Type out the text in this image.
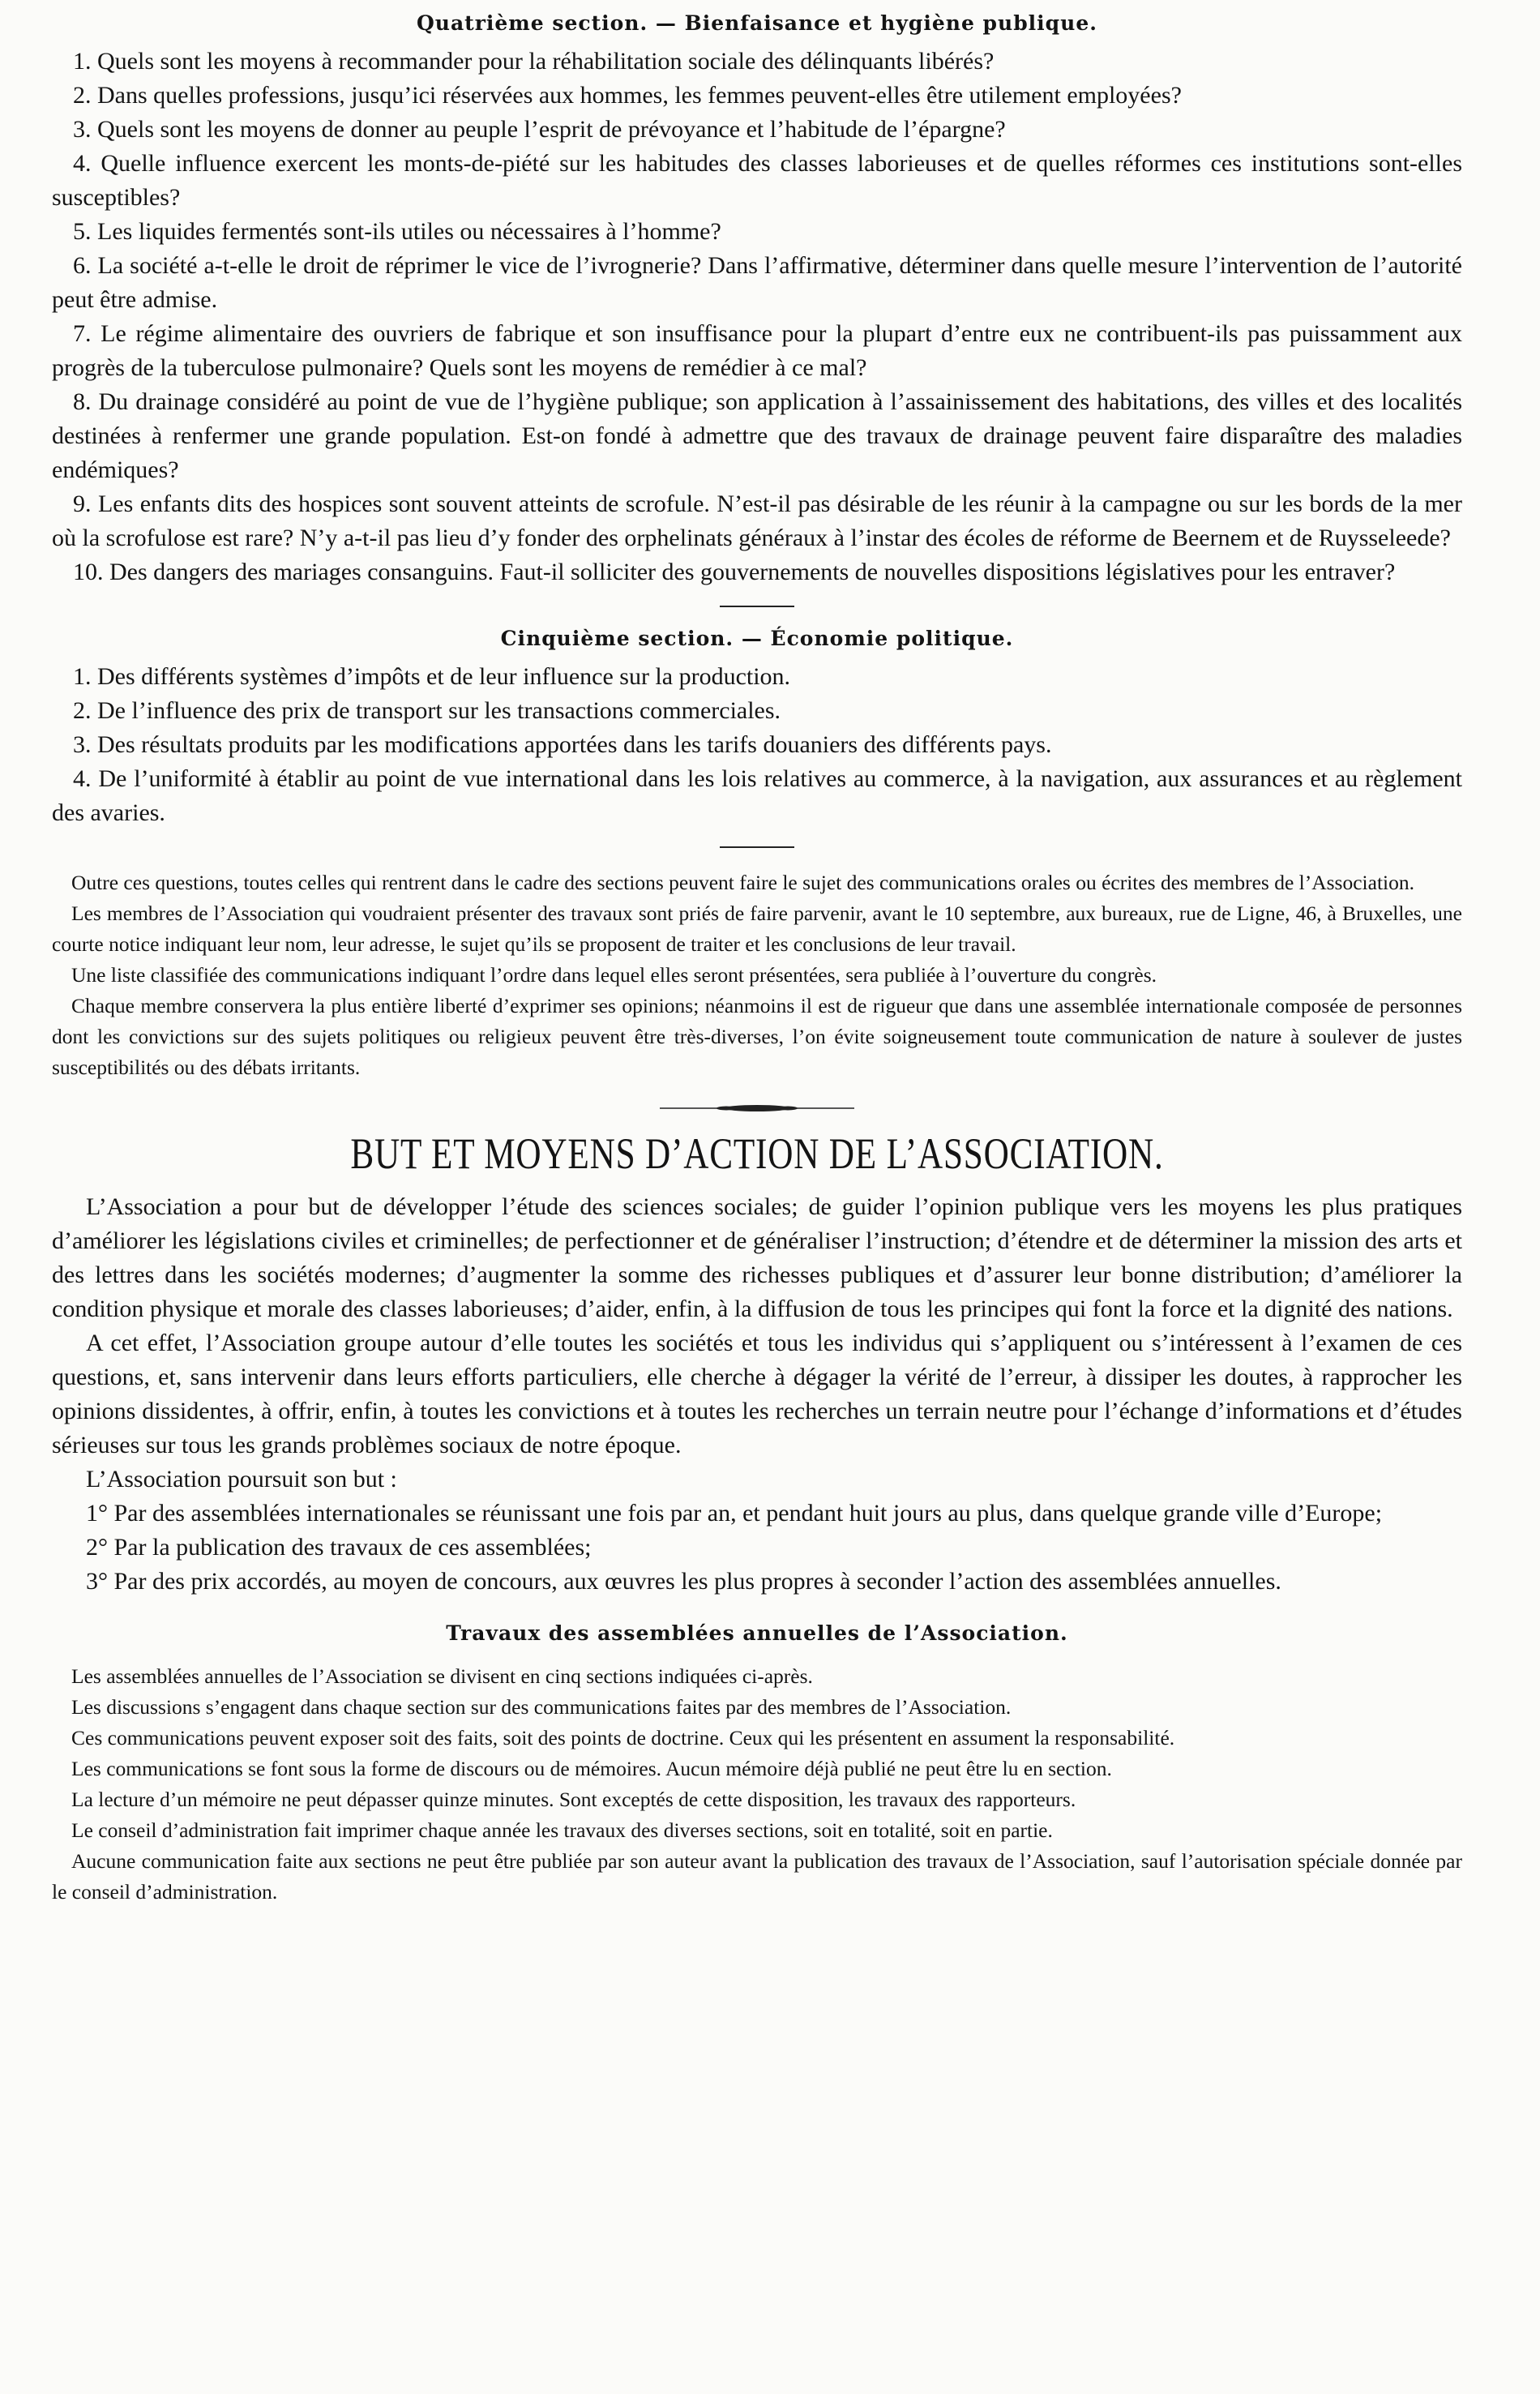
Quatrième section. — Bienfaisance et hygiène publique.

1. Quels sont les moyens à recommander pour la réhabilitation sociale des délinquants libérés?

2. Dans quelles professions, jusqu’ici réservées aux hommes, les femmes peuvent-elles être utilement employées?

3. Quels sont les moyens de donner au peuple l’esprit de prévoyance et l’habitude de l’épargne?

4. Quelle influence exercent les monts-de-piété sur les habitudes des classes laborieuses et de quelles réformes ces institutions sont-elles susceptibles?

5. Les liquides fermentés sont-ils utiles ou nécessaires à l’homme?

6. La société a-t-elle le droit de réprimer le vice de l’ivrognerie? Dans l’affirmative, déterminer dans quelle mesure l’intervention de l’autorité peut être admise.

7. Le régime alimentaire des ouvriers de fabrique et son insuffisance pour la plupart d’entre eux ne contribuent-ils pas puissamment aux progrès de la tuberculose pulmonaire? Quels sont les moyens de remédier à ce mal?

8. Du drainage considéré au point de vue de l’hygiène publique; son application à l’assainissement des habitations, des villes et des localités destinées à renfermer une grande population. Est-on fondé à admettre que des travaux de drainage peuvent faire disparaître des maladies endémiques?

9. Les enfants dits des hospices sont souvent atteints de scrofule. N’est-il pas désirable de les réunir à la campagne ou sur les bords de la mer où la scrofulose est rare? N’y a-t-il pas lieu d’y fonder des orphelinats généraux à l’instar des écoles de réforme de Beernem et de Ruysseleede?

10. Des dangers des mariages consanguins. Faut-il solliciter des gouvernements de nouvelles dispositions législatives pour les entraver?

Cinquième section. — Économie politique.

1. Des différents systèmes d’impôts et de leur influence sur la production.

2. De l’influence des prix de transport sur les transactions commerciales.

3. Des résultats produits par les modifications apportées dans les tarifs douaniers des différents pays.

4. De l’uniformité à établir au point de vue international dans les lois relatives au commerce, à la navigation, aux assurances et au règlement des avaries.

Outre ces questions, toutes celles qui rentrent dans le cadre des sections peuvent faire le sujet des communications orales ou écrites des membres de l’Association.

Les membres de l’Association qui voudraient présenter des travaux sont priés de faire parvenir, avant le 10 septembre, aux bureaux, rue de Ligne, 46, à Bruxelles, une courte notice indiquant leur nom, leur adresse, le sujet qu’ils se proposent de traiter et les conclusions de leur travail.

Une liste classifiée des communications indiquant l’ordre dans lequel elles seront présentées, sera publiée à l’ouverture du congrès.

Chaque membre conservera la plus entière liberté d’exprimer ses opinions; néanmoins il est de rigueur que dans une assemblée internationale composée de personnes dont les convictions sur des sujets politiques ou religieux peuvent être très-diverses, l’on évite soigneusement toute communication de nature à soulever de justes susceptibilités ou des débats irritants.

BUT ET MOYENS D’ACTION DE L’ASSOCIATION.

L’Association a pour but de développer l’étude des sciences sociales; de guider l’opinion publique vers les moyens les plus pratiques d’améliorer les législations civiles et criminelles; de perfectionner et de généraliser l’instruction; d’étendre et de déterminer la mission des arts et des lettres dans les sociétés modernes; d’augmenter la somme des richesses publiques et d’assurer leur bonne distribution; d’améliorer la condition physique et morale des classes laborieuses; d’aider, enfin, à la diffusion de tous les principes qui font la force et la dignité des nations.

A cet effet, l’Association groupe autour d’elle toutes les sociétés et tous les individus qui s’appliquent ou s’intéressent à l’examen de ces questions, et, sans intervenir dans leurs efforts particuliers, elle cherche à dégager la vérité de l’erreur, à dissiper les doutes, à rapprocher les opinions dissidentes, à offrir, enfin, à toutes les convictions et à toutes les recherches un terrain neutre pour l’échange d’informations et d’études sérieuses sur tous les grands problèmes sociaux de notre époque.

L’Association poursuit son but :

1° Par des assemblées internationales se réunissant une fois par an, et pendant huit jours au plus, dans quelque grande ville d’Europe;

2° Par la publication des travaux de ces assemblées;

3° Par des prix accordés, au moyen de concours, aux œuvres les plus propres à seconder l’action des assemblées annuelles.

Travaux des assemblées annuelles de l’Association.

Les assemblées annuelles de l’Association se divisent en cinq sections indiquées ci-après.

Les discussions s’engagent dans chaque section sur des communications faites par des membres de l’Association.

Ces communications peuvent exposer soit des faits, soit des points de doctrine. Ceux qui les présentent en assument la responsabilité.

Les communications se font sous la forme de discours ou de mémoires. Aucun mémoire déjà publié ne peut être lu en section.

La lecture d’un mémoire ne peut dépasser quinze minutes. Sont exceptés de cette disposition, les travaux des rapporteurs.

Le conseil d’administration fait imprimer chaque année les travaux des diverses sections, soit en totalité, soit en partie.

Aucune communication faite aux sections ne peut être publiée par son auteur avant la publication des travaux de l’Association, sauf l’autorisation spéciale donnée par le conseil d’administration.
